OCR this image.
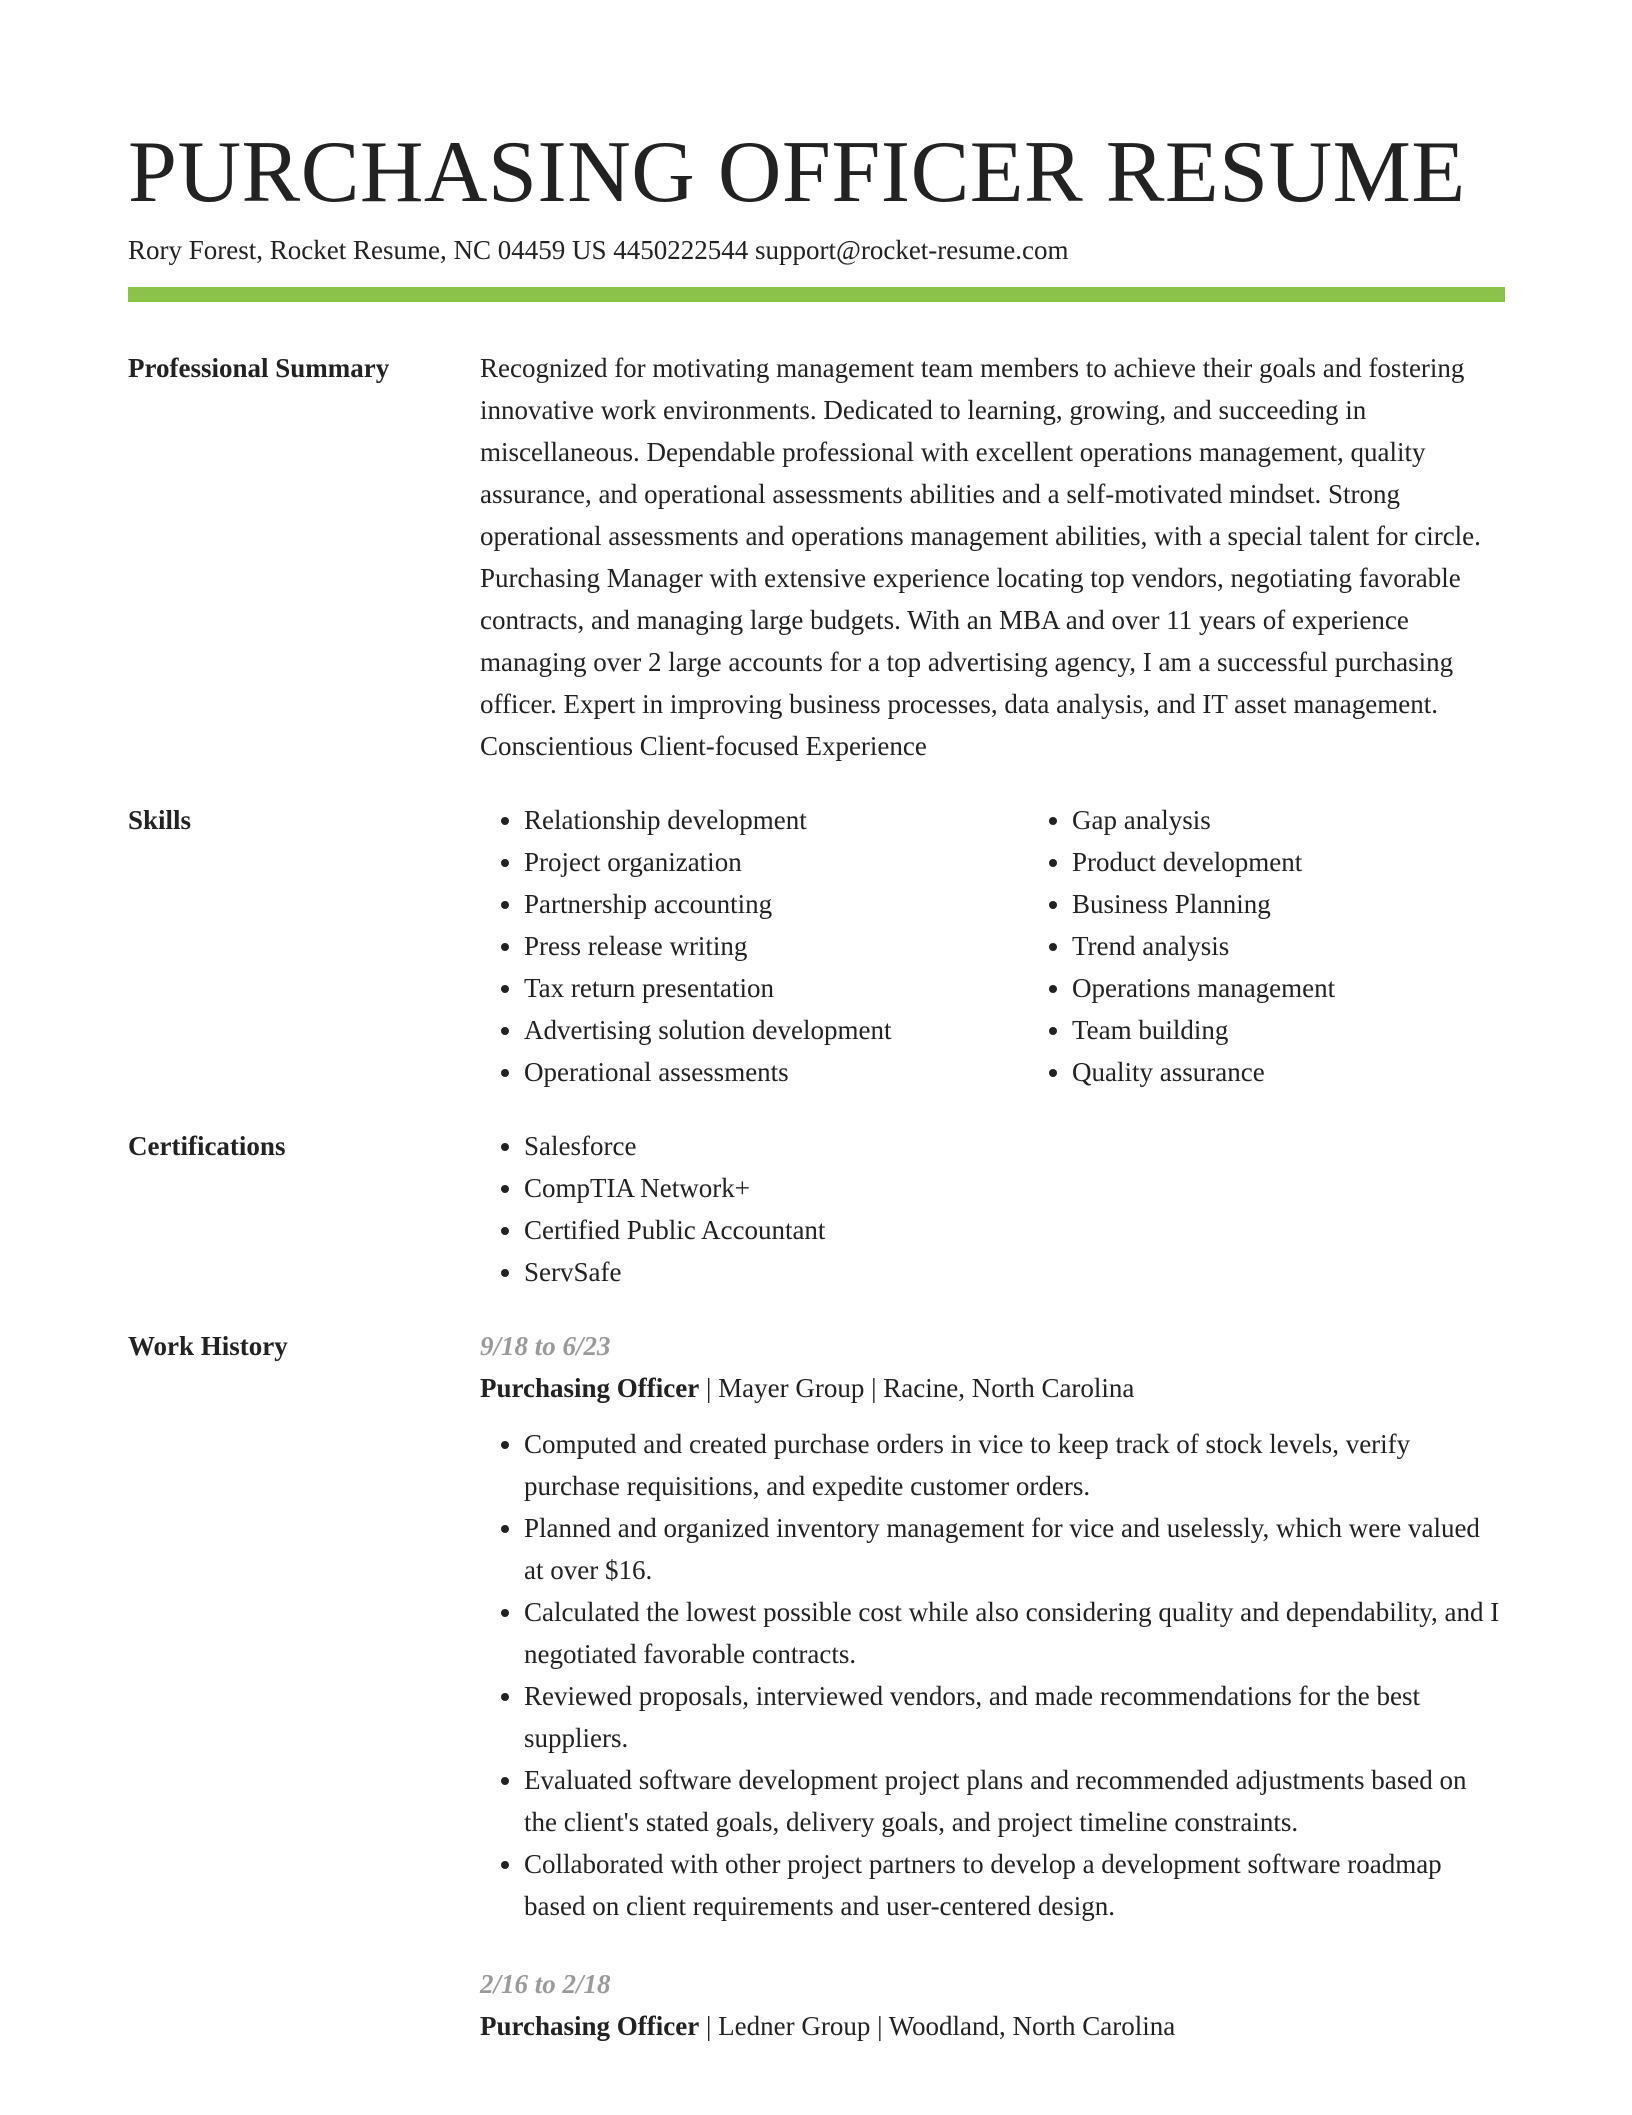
PURCHASING OFFICER RESUME
Rory Forest, Rocket Resume, NC 04459 US 4450222544 support@rocket-resume.com
Professional Summary	Recognized for motivating management team members to achieve their goals and fostering innovative work environments. Dedicated to learning, growing, and succeeding in miscellaneous. Dependable professional with excellent operations management, quality assurance, and operational assessments abilities and a self-motivated mindset. Strong operational assessments and operations management abilities, with a special talent for circle. Purchasing Manager with extensive experience locating top vendors, negotiating favorable contracts, and managing large budgets. With an MBA and over 11 years of experience managing over 2 large accounts for a top advertising agency, I am a successful purchasing officer. Expert in improving business processes, data analysis, and IT asset management. Conscientious Client-focused Experience

Skills	• Relationship development
• Project organization
• Partnership accounting
• Press release writing
• Tax return presentation
• Advertising solution development
• Operational assessments
• Gap analysis
• Product development
• Business Planning
• Trend analysis
• Operations management
• Team building
• Quality assurance
Certifications	• Salesforce
• CompTIA Network+
• Certified Public Accountant
• ServSafe
Work History	9/18 to 6/23
Purchasing Officer | Mayer Group | Racine, North Carolina
• Computed and created purchase orders in vice to keep track of stock levels, verify purchase requisitions, and expedite customer orders.
• Planned and organized inventory management for vice and uselessly, which were valued at over $16.
• Calculated the lowest possible cost while also considering quality and dependability, and I negotiated favorable contracts.
• Reviewed proposals, interviewed vendors, and made recommendations for the best suppliers.
• Evaluated software development project plans and recommended adjustments based on the client's stated goals, delivery goals, and project timeline constraints.
• Collaborated with other project partners to develop a development software roadmap based on client requirements and user-centered design.
2/16 to 2/18
Purchasing Officer | Ledner Group | Woodland, North Carolina
